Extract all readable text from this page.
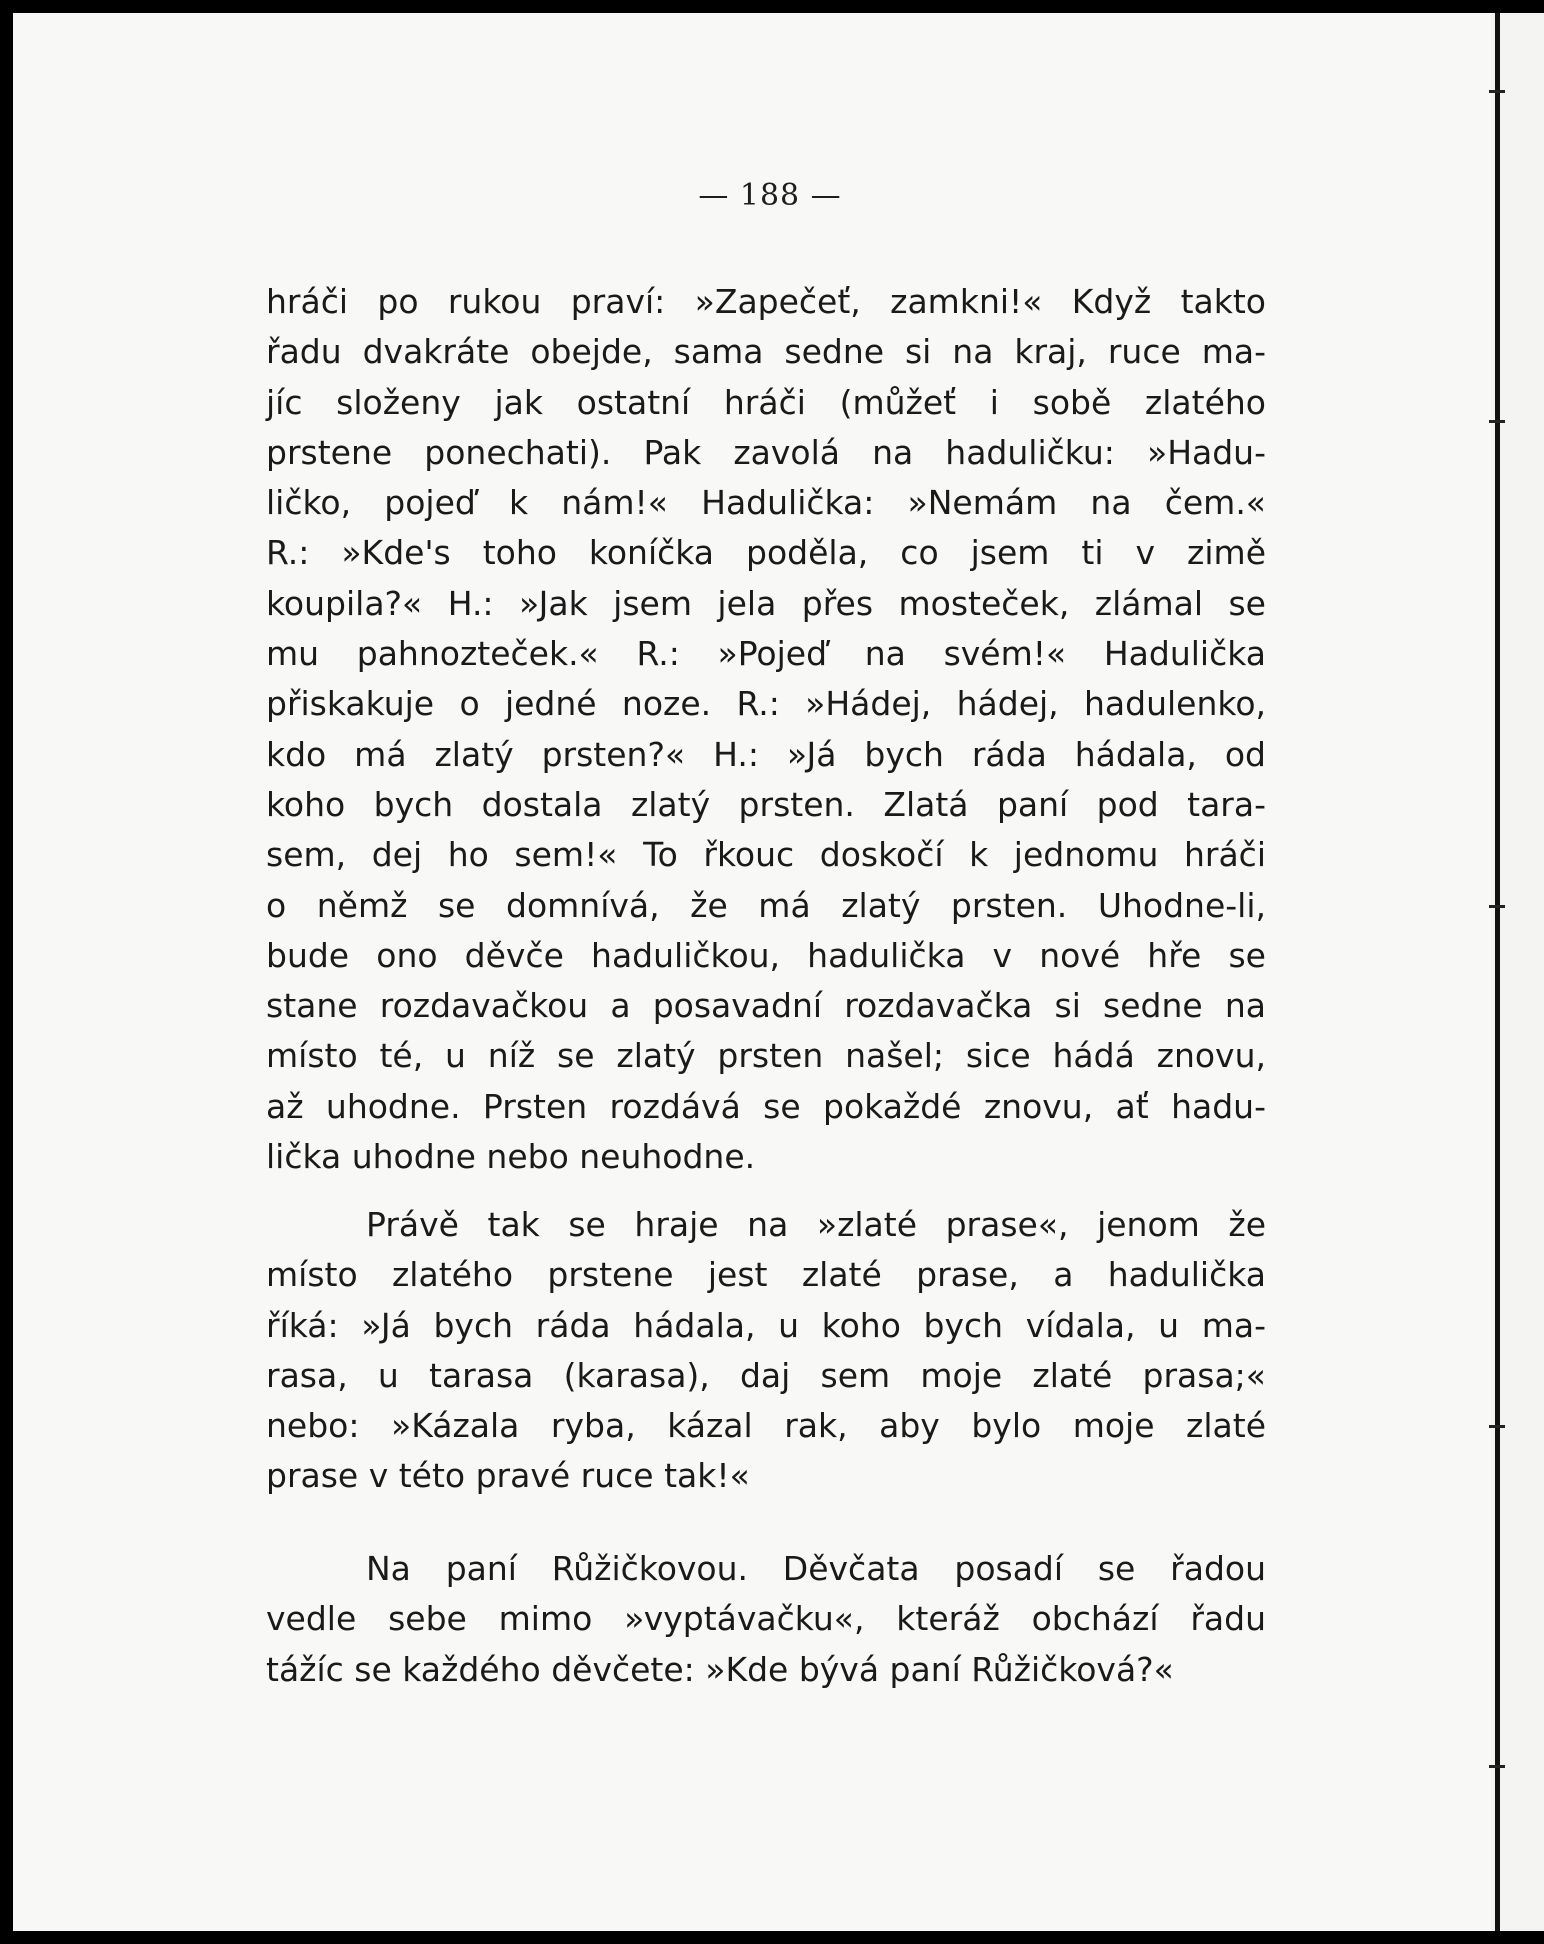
— 188 —
hráči po rukou praví: »Zapečeť, zamkni!« Když takto
řadu dvakráte obejde, sama sedne si na kraj, ruce ma-
jíc složeny jak ostatní hráči (můžeť i sobě zlatého
prstene ponechati). Pak zavolá na haduličku: »Hadu-
ličko, pojeď k nám!« Hadulička: »Nemám na čem.«
R.: »Kde's toho koníčka poděla, co jsem ti v zimě
koupila?« H.: »Jak jsem jela přes mosteček, zlámal se
mu pahnozteček.« R.: »Pojeď na svém!« Hadulička
přiskakuje o jedné noze. R.: »Hádej, hádej, hadulenko,
kdo má zlatý prsten?« H.: »Já bych ráda hádala, od
koho bych dostala zlatý prsten. Zlatá paní pod tara-
sem, dej ho sem!« To řkouc doskočí k jednomu hráči
o němž se domnívá, že má zlatý prsten. Uhodne-li,
bude ono děvče haduličkou, hadulička v nové hře se
stane rozdavačkou a posavadní rozdavačka si sedne na
místo té, u níž se zlatý prsten našel; sice hádá znovu,
až uhodne. Prsten rozdává se pokaždé znovu, ať hadu-
lička uhodne nebo neuhodne.
Právě tak se hraje na »zlaté prase«, jenom že
místo zlatého prstene jest zlaté prase, a hadulička
říká: »Já bych ráda hádala, u koho bych vídala, u ma-
rasa, u tarasa (karasa), daj sem moje zlaté prasa;«
nebo: »Kázala ryba, kázal rak, aby bylo moje zlaté
prase v této pravé ruce tak!«
Na paní Růžičkovou. Děvčata posadí se řadou
vedle sebe mimo »vyptávačku«, kteráž obchází řadu
tážíc se každého děvčete: »Kde bývá paní Růžičková?«
